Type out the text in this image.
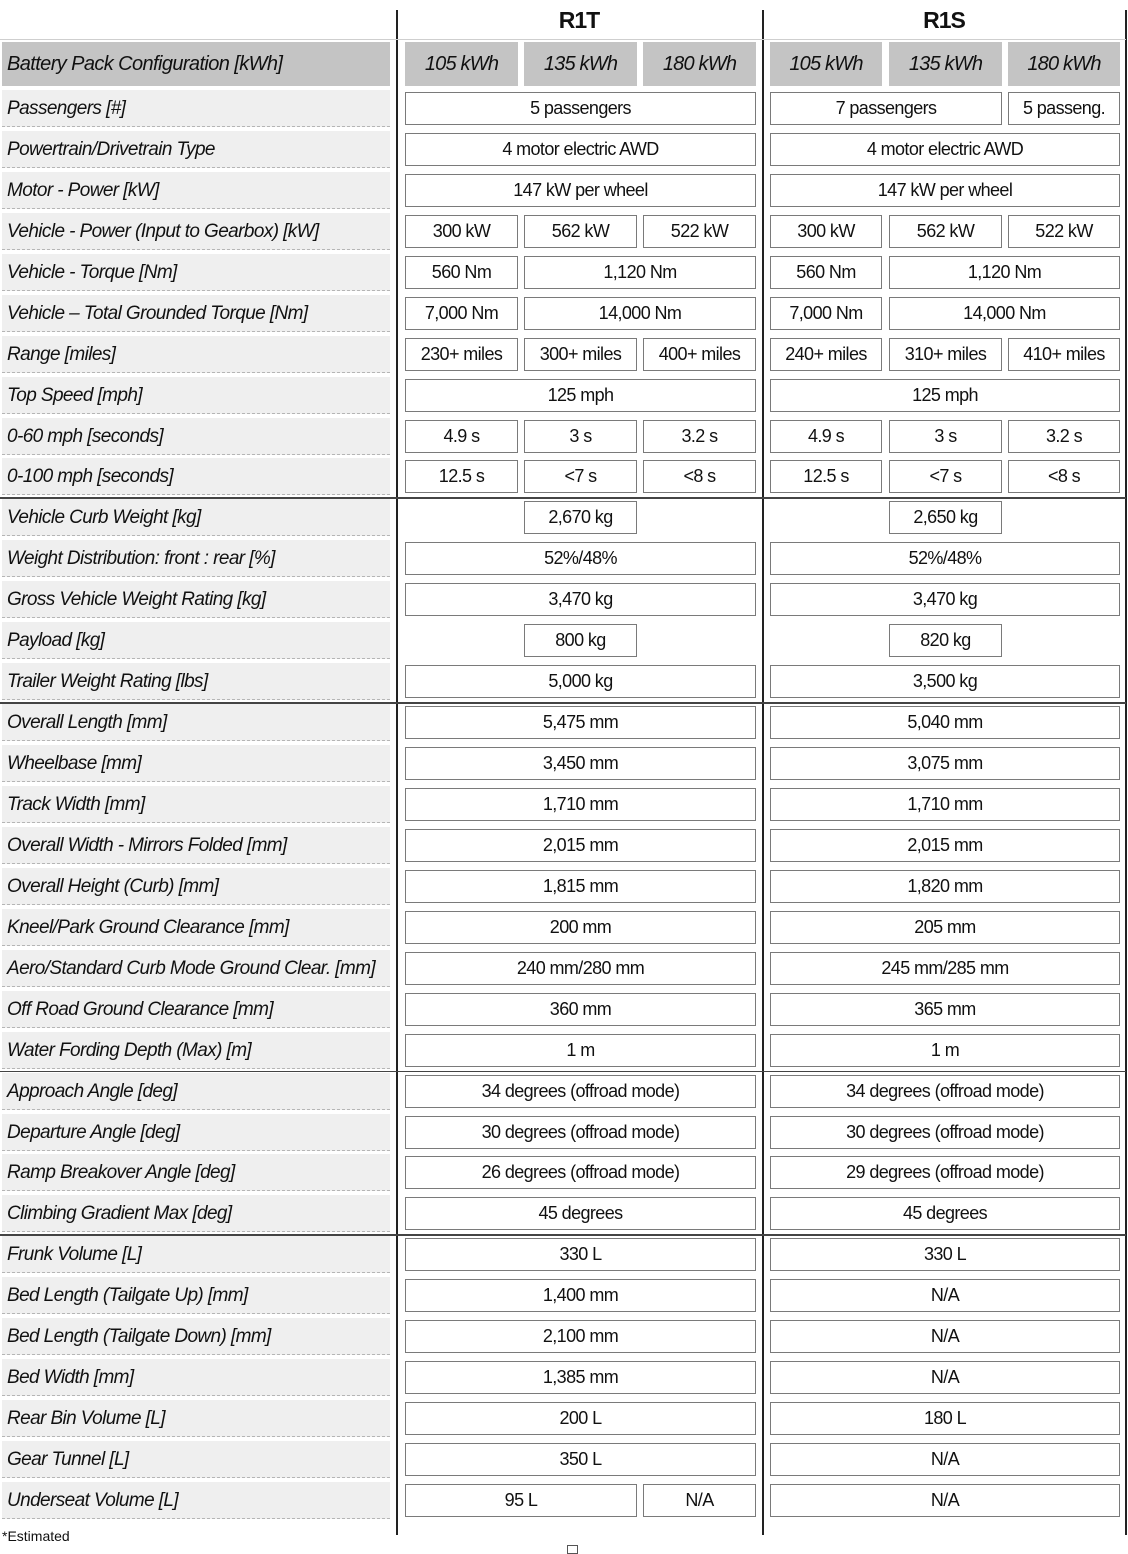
R1T	R1S
Battery Pack Configuration [kWh]	105 kWh	135 kWh	180 kWh	105 kWh	135 kWh	180 kWh
Passengers [#]	5 passengers	7 passengers	5 passeng.
Powertrain/Drivetrain Type	4 motor electric AWD	4 motor electric AWD
Motor - Power [kW]	147 kW per wheel	147 kW per wheel
Vehicle - Power (Input to Gearbox) [kW]	300 kW	562 kW	522 kW	300 kW	562 kW	522 kW
Vehicle - Torque [Nm]	560 Nm	1,120 Nm	560 Nm	1,120 Nm
Vehicle – Total Grounded Torque [Nm]	7,000 Nm	14,000 Nm	7,000 Nm	14,000 Nm
Range [miles]	230+ miles	300+ miles	400+ miles	240+ miles	310+ miles	410+ miles
Top Speed [mph]	125 mph	125 mph
0-60 mph [seconds]	4.9 s	3 s	3.2 s	4.9 s	3 s	3.2 s
0-100 mph [seconds]	12.5 s	<7 s	<8 s	12.5 s	<7 s	<8 s
Vehicle Curb Weight [kg]	2,670 kg	2,650 kg
Weight Distribution: front : rear [%]	52%/48%	52%/48%
Gross Vehicle Weight Rating [kg]	3,470 kg	3,470 kg
Payload [kg]	800 kg	820 kg
Trailer Weight Rating [lbs]	5,000 kg	3,500 kg
Overall Length [mm]	5,475 mm	5,040 mm
Wheelbase [mm]	3,450 mm	3,075 mm
Track Width [mm]	1,710 mm	1,710 mm
Overall Width - Mirrors Folded [mm]	2,015 mm	2,015 mm
Overall Height (Curb) [mm]	1,815 mm	1,820 mm
Kneel/Park Ground Clearance [mm]	200 mm	205 mm
Aero/Standard Curb Mode Ground Clear. [mm]	240 mm/280 mm	245 mm/285 mm
Off Road Ground Clearance [mm]	360 mm	365 mm
Water Fording Depth (Max) [m]	1 m	1 m
Approach Angle [deg]	34 degrees (offroad mode)	34 degrees (offroad mode)
Departure Angle [deg]	30 degrees (offroad mode)	30 degrees (offroad mode)
Ramp Breakover Angle [deg]	26 degrees (offroad mode)	29 degrees (offroad mode)
Climbing Gradient Max [deg]	45 degrees	45 degrees
Frunk Volume [L]	330 L	330 L
Bed Length (Tailgate Up) [mm]	1,400 mm	N/A
Bed Length (Tailgate Down) [mm]	2,100 mm	N/A
Bed Width [mm]	1,385 mm	N/A
Rear Bin Volume [L]	200 L	180 L
Gear Tunnel [L]	350 L	N/A
Underseat Volume [L]	95 L	N/A	N/A
*Estimated
